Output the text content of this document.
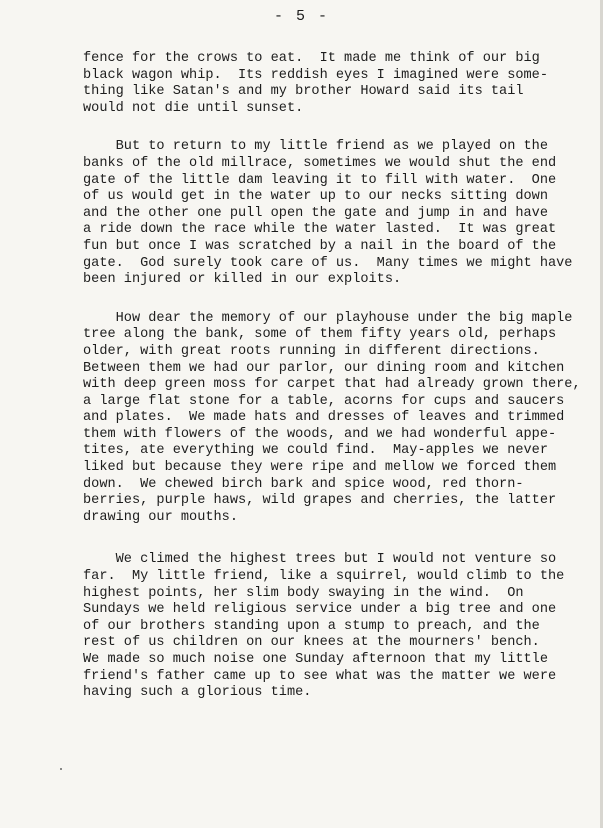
- 5 -
fence for the crows to eat.  It made me think of our big
black wagon whip.  Its reddish eyes I imagined were some-
thing like Satan's and my brother Howard said its tail
would not die until sunset.
But to return to my little friend as we played on the
banks of the old millrace, sometimes we would shut the end
gate of the little dam leaving it to fill with water.  One
of us would get in the water up to our necks sitting down
and the other one pull open the gate and jump in and have
a ride down the race while the water lasted.  It was great
fun but once I was scratched by a nail in the board of the
gate.  God surely took care of us.  Many times we might have
been injured or killed in our exploits.
How dear the memory of our playhouse under the big maple
tree along the bank, some of them fifty years old, perhaps
older, with great roots running in different directions.
Between them we had our parlor, our dining room and kitchen
with deep green moss for carpet that had already grown there,
a large flat stone for a table, acorns for cups and saucers
and plates.  We made hats and dresses of leaves and trimmed
them with flowers of the woods, and we had wonderful appe-
tites, ate everything we could find.  May-apples we never
liked but because they were ripe and mellow we forced them
down.  We chewed birch bark and spice wood, red thorn-
berries, purple haws, wild grapes and cherries, the latter
drawing our mouths.
We climed the highest trees but I would not venture so
far.  My little friend, like a squirrel, would climb to the
highest points, her slim body swaying in the wind.  On
Sundays we held religious service under a big tree and one
of our brothers standing upon a stump to preach, and the
rest of us children on our knees at the mourners' bench.
We made so much noise one Sunday afternoon that my little
friend's father came up to see what was the matter we were
having such a glorious time.
